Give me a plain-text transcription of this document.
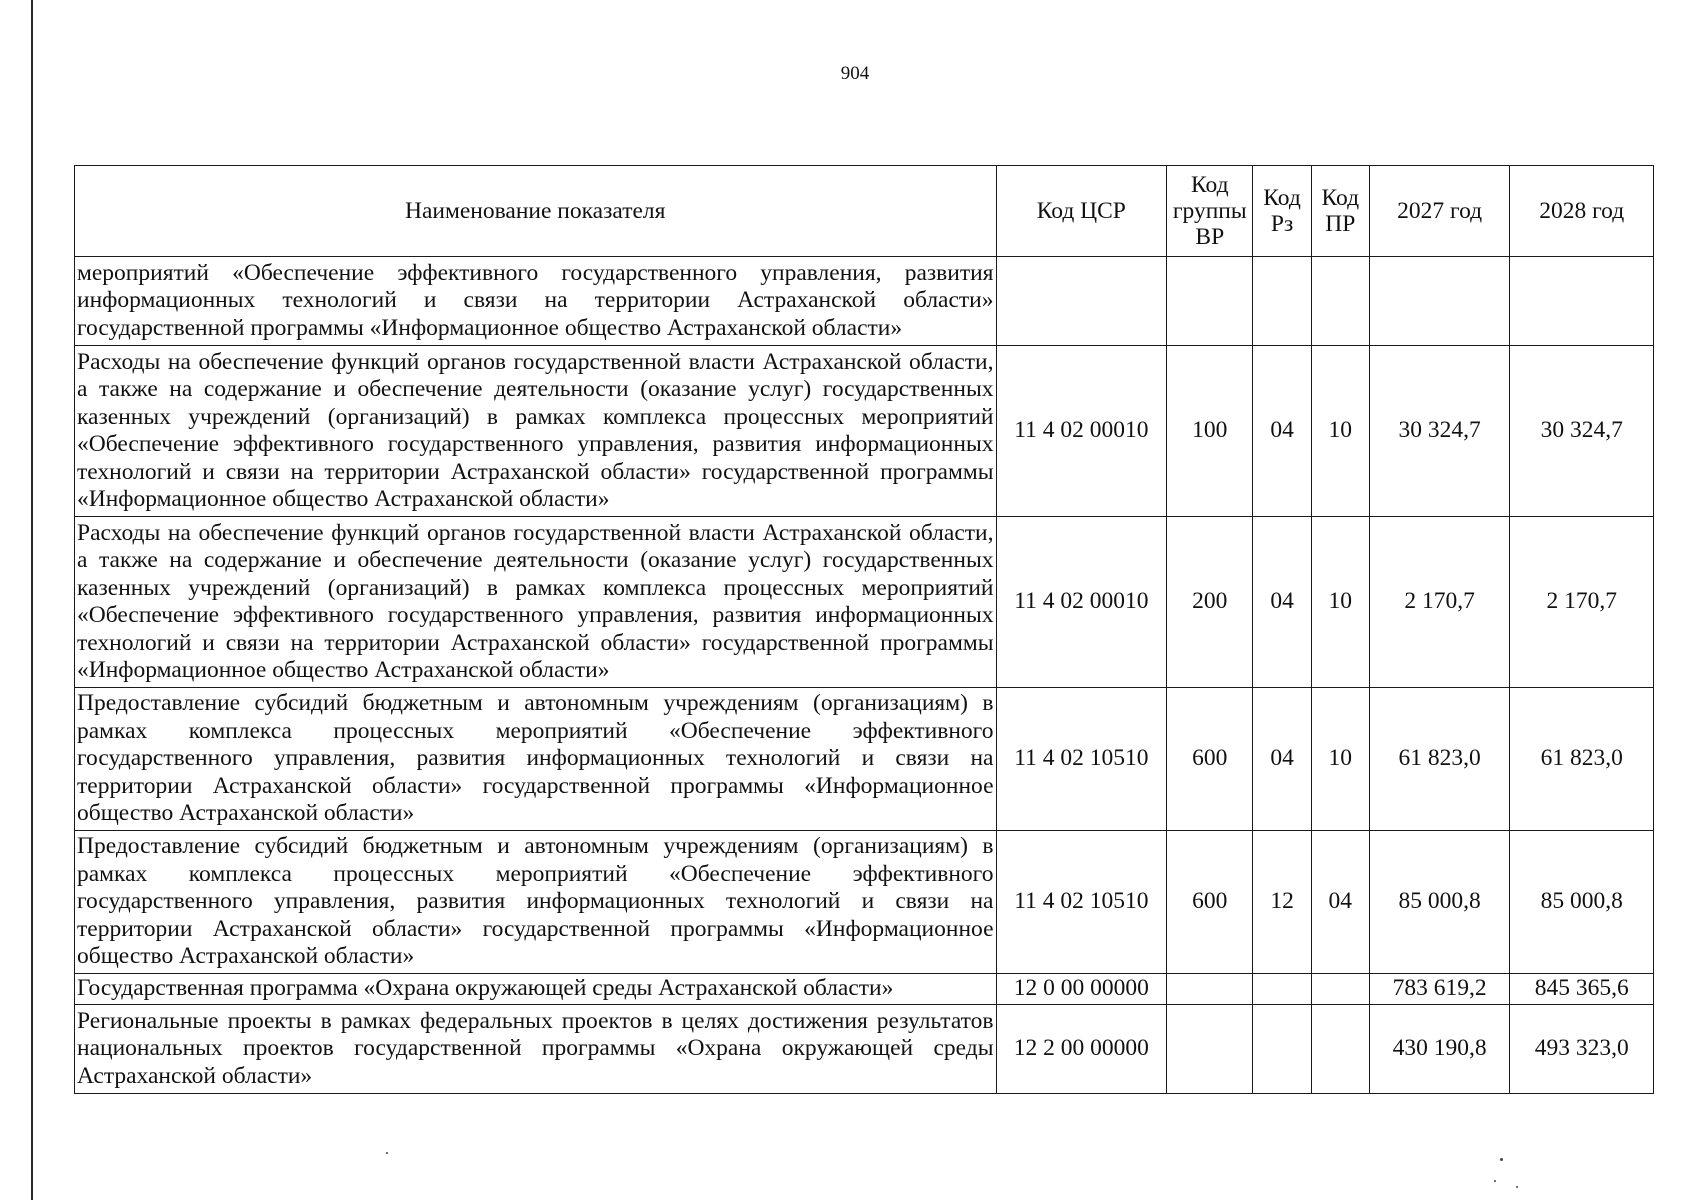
904
Наименование показателя	Код ЦСР	Код группы ВР	Код Рз	Код ПР	2027 год	2028 год
мероприятий «Обеспечение эффективного государственного управления, развития информационных технологий и связи на территории Астраханской области» государственной программы «Информационное общество Астраханской области»						
Расходы на обеспечение функций органов государственной власти Астраханской области, а также на содержание и обеспечение деятельности (оказание услуг) государственных казенных учреждений (организаций) в рамках комплекса процессных мероприятий «Обеспечение эффективного государственного управления, развития информационных технологий и связи на территории Астраханской области» государственной программы «Информационное общество Астраханской области»	11 4 02 00010	100	04	10	30 324,7	30 324,7
Расходы на обеспечение функций органов государственной власти Астраханской области, а также на содержание и обеспечение деятельности (оказание услуг) государственных казенных учреждений (организаций) в рамках комплекса процессных мероприятий «Обеспечение эффективного государственного управления, развития информационных технологий и связи на территории Астраханской области» государственной программы «Информационное общество Астраханской области»	11 4 02 00010	200	04	10	2 170,7	2 170,7
Предоставление субсидий бюджетным и автономным учреждениям (организациям) в рамках комплекса процессных мероприятий «Обеспечение эффективного государственного управления, развития информационных технологий и связи на территории Астраханской области» государственной программы «Информационное общество Астраханской области»	11 4 02 10510	600	04	10	61 823,0	61 823,0
Предоставление субсидий бюджетным и автономным учреждениям (организациям) в рамках комплекса процессных мероприятий «Обеспечение эффективного государственного управления, развития информационных технологий и связи на территории Астраханской области» государственной программы «Информационное общество Астраханской области»	11 4 02 10510	600	12	04	85 000,8	85 000,8
Государственная программа «Охрана окружающей среды Астраханской области»	12 0 00 00000				783 619,2	845 365,6
Региональные проекты в рамках федеральных проектов в целях достижения результатов национальных проектов государственной программы «Охрана окружающей среды Астраханской области»	12 2 00 00000				430 190,8	493 323,0
